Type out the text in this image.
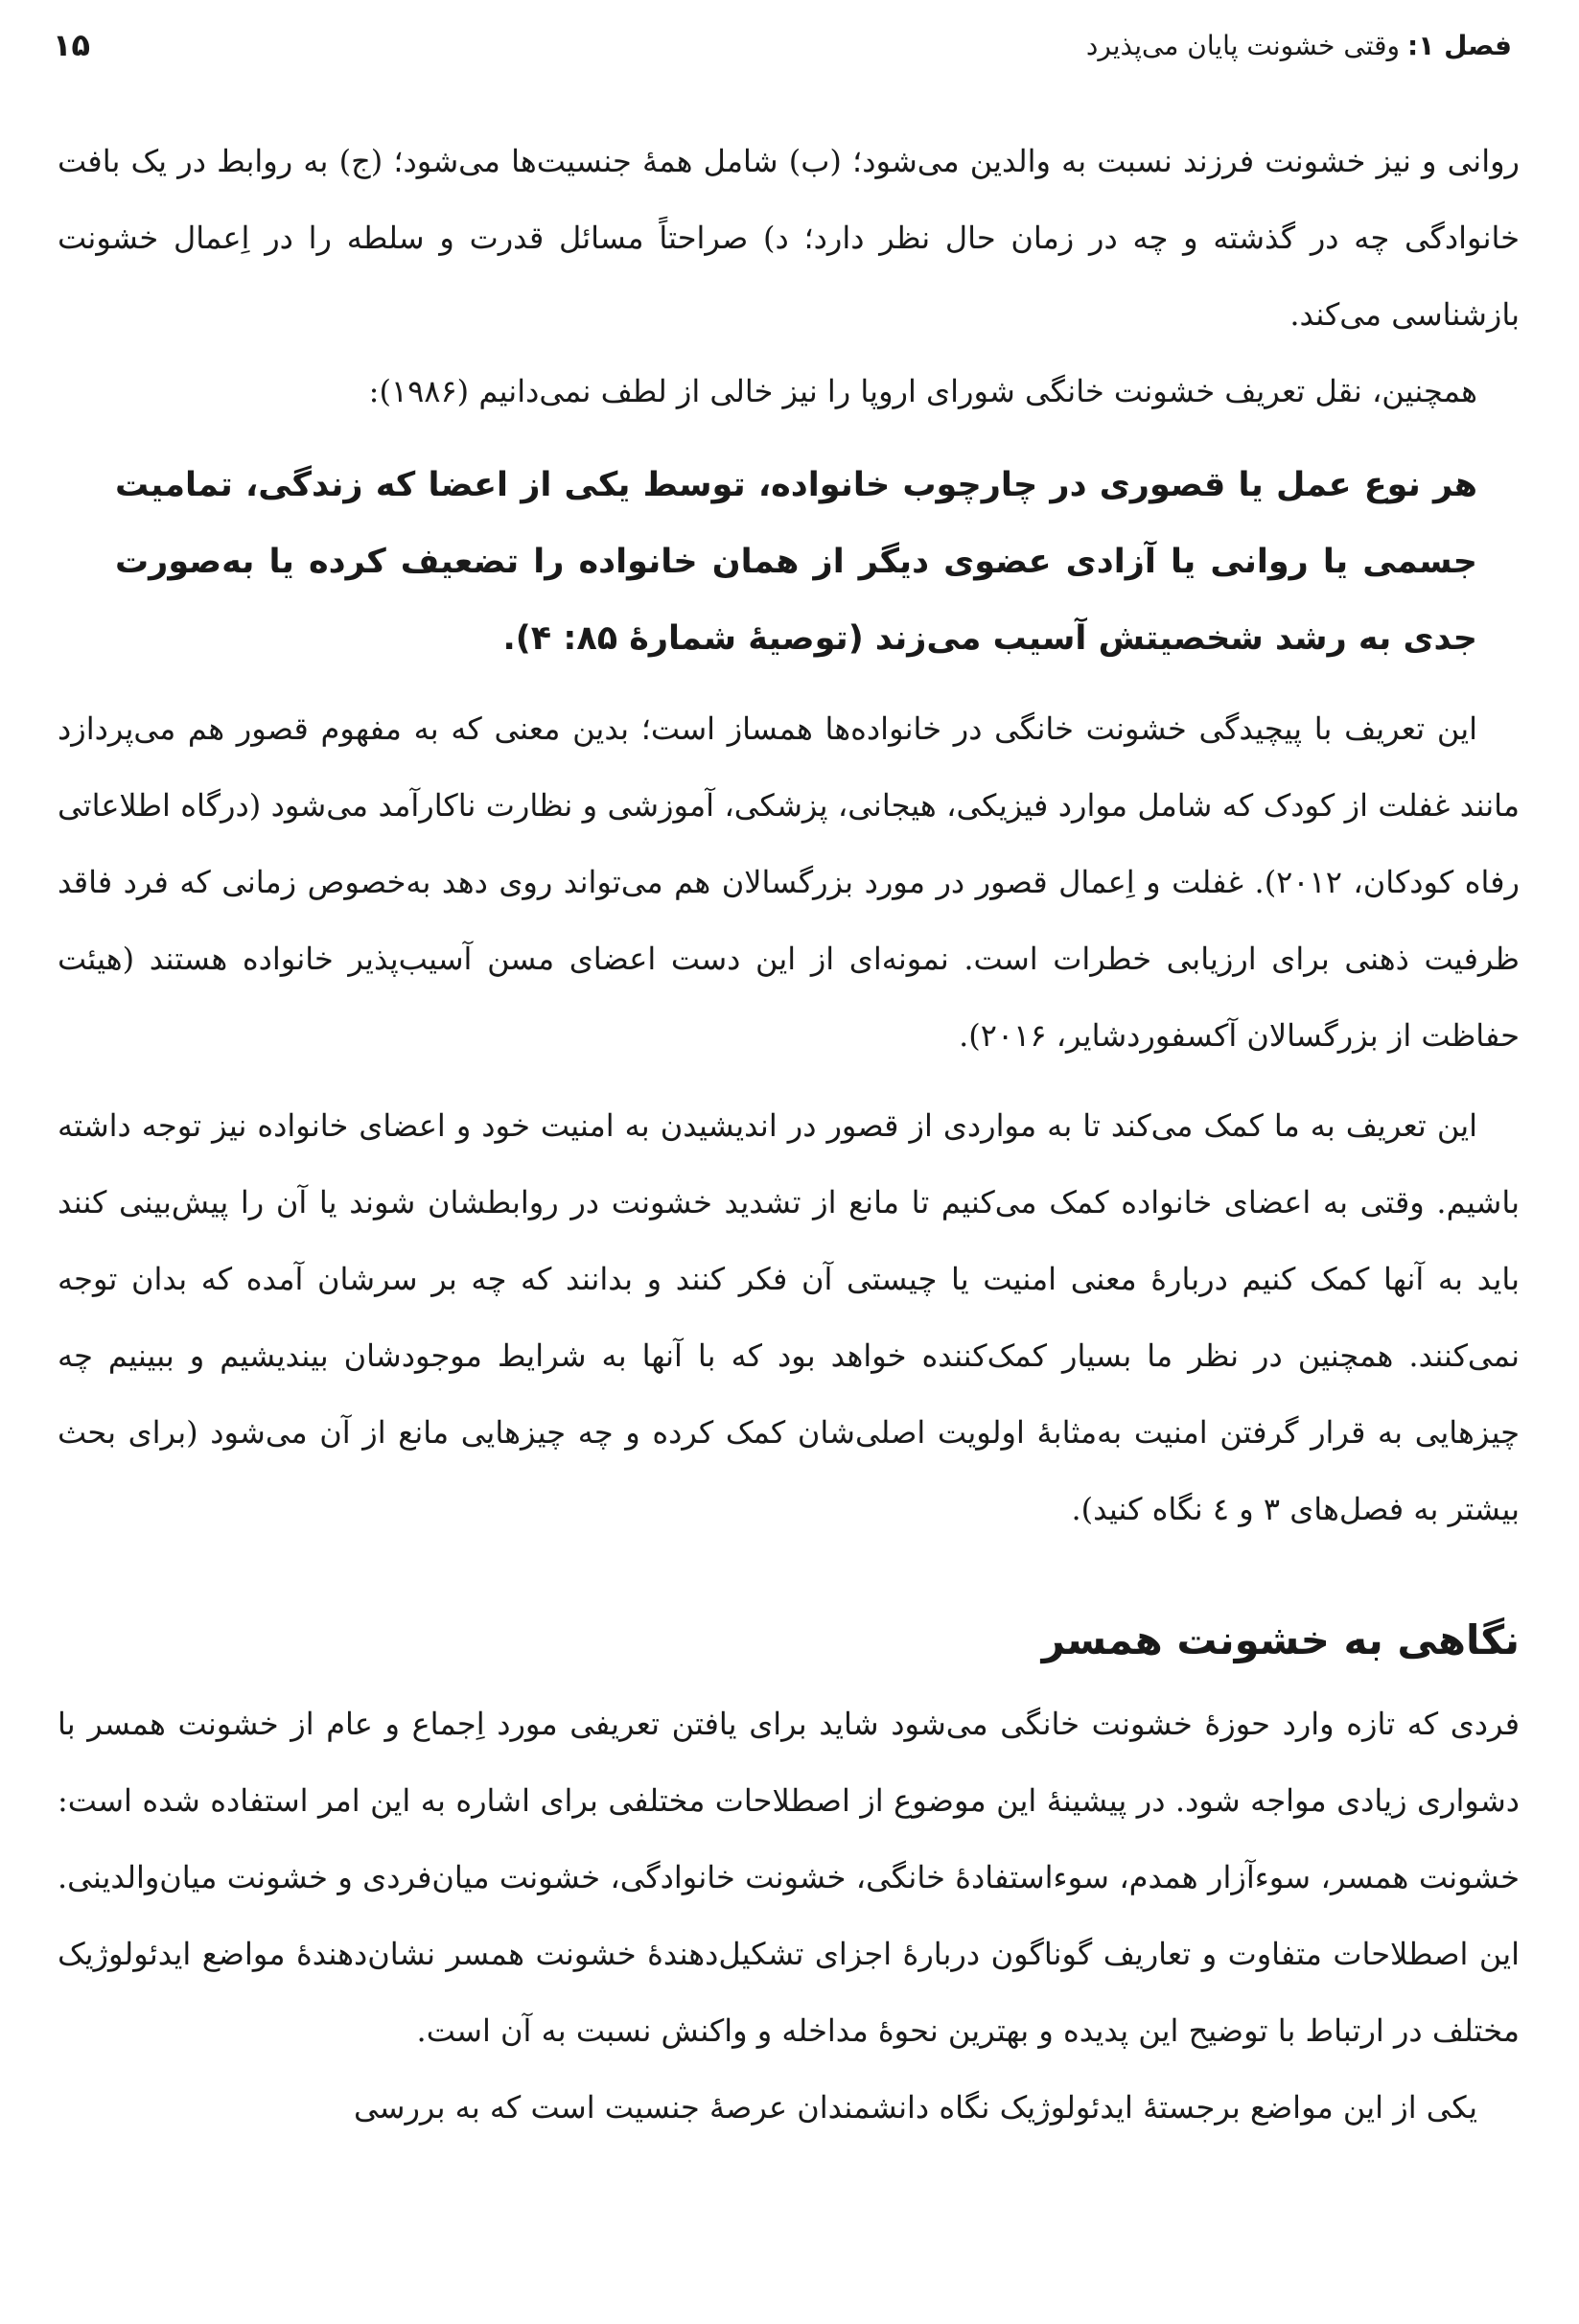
فصل ۱:
وقتی خشونت پایان می‌پذیرد
۱۵

روانی و نیز خشونت فرزند نسبت به والدین می‌شود؛ (ب) شامل همهٔ جنسیت‌ها می‌شود؛ (ج) به روابط در یک بافت خانوادگی چه در گذشته و چه در زمان حال نظر دارد؛ د) صراحتاً مسائل قدرت و سلطه را در اِعمال خشونت بازشناسی می‌کند.

همچنین، نقل تعریف خشونت خانگی شورای اروپا را نیز خالی از لطف نمی‌دانیم (۱۹۸۶):

هر نوع عمل یا قصوری در چارچوب خانواده، توسط یکی از اعضا که زندگی، تمامیت جسمی یا روانی یا آزادی عضوی دیگر از همان خانواده را تضعیف کرده یا به‌صورت جدی به رشد شخصیتش آسیب می‌زند (توصیهٔ شمارهٔ ۸۵: ۴).

این تعریف با پیچیدگی خشونت خانگی در خانواده‌ها همساز است؛ بدین معنی که به مفهوم قصور هم می‌پردازد مانند غفلت از کودک که شامل موارد فیزیکی، هیجانی، پزشکی، آموزشی و نظارت ناکارآمد می‌شود (درگاه اطلاعاتی رفاه کودکان، ۲۰۱۲). غفلت و اِعمال قصور در مورد بزرگسالان هم می‌تواند روی دهد به‌خصوص زمانی که فرد فاقد ظرفیت ذهنی برای ارزیابی خطرات است. نمونه‌ای از این دست اعضای مسن آسیب‌پذیر خانواده هستند (هیئت حفاظت از بزرگسالان آکسفوردشایر، ۲۰۱۶).

این تعریف به ما کمک می‌کند تا به مواردی از قصور در اندیشیدن به امنیت خود و اعضای خانواده نیز توجه داشته باشیم. وقتی به اعضای خانواده کمک می‌کنیم تا مانع از تشدید خشونت در روابطشان شوند یا آن را پیش‌بینی کنند باید به آنها کمک کنیم دربارهٔ معنی امنیت یا چیستی آن فکر کنند و بدانند که چه بر سرشان آمده که بدان توجه نمی‌کنند. همچنین در نظر ما بسیار کمک‌کننده خواهد بود که با آنها به شرایط موجودشان بیندیشیم و ببینیم چه چیزهایی به قرار گرفتن امنیت به‌مثابهٔ اولویت اصلی‌شان کمک کرده و چه چیزهایی مانع از آن می‌شود (برای بحث بیشتر به فصل‌های ۳ و ٤ نگاه کنید).

نگاهی به خشونت همسر

فردی که تازه وارد حوزهٔ خشونت خانگی می‌شود شاید برای یافتن تعریفی مورد اِجماع و عام از خشونت همسر با دشواری زیادی مواجه شود. در پیشینهٔ این موضوع از اصطلاحات مختلفی برای اشاره به این امر استفاده شده است: خشونت همسر، سوءآزار همدم، سوءاستفادهٔ خانگی، خشونت خانوادگی، خشونت میان‌فردی و خشونت میان‌والدینی. این اصطلاحات متفاوت و تعاریف گوناگون دربارهٔ اجزای تشکیل‌دهندهٔ خشونت همسر نشان‌دهندهٔ مواضع ایدئولوژیک مختلف در ارتباط با توضیح این پدیده و بهترین نحوهٔ مداخله و واکنش نسبت به آن است.

یکی از این مواضع برجستهٔ ایدئولوژیک نگاه دانشمندان عرصهٔ جنسیت است که به بررسی
